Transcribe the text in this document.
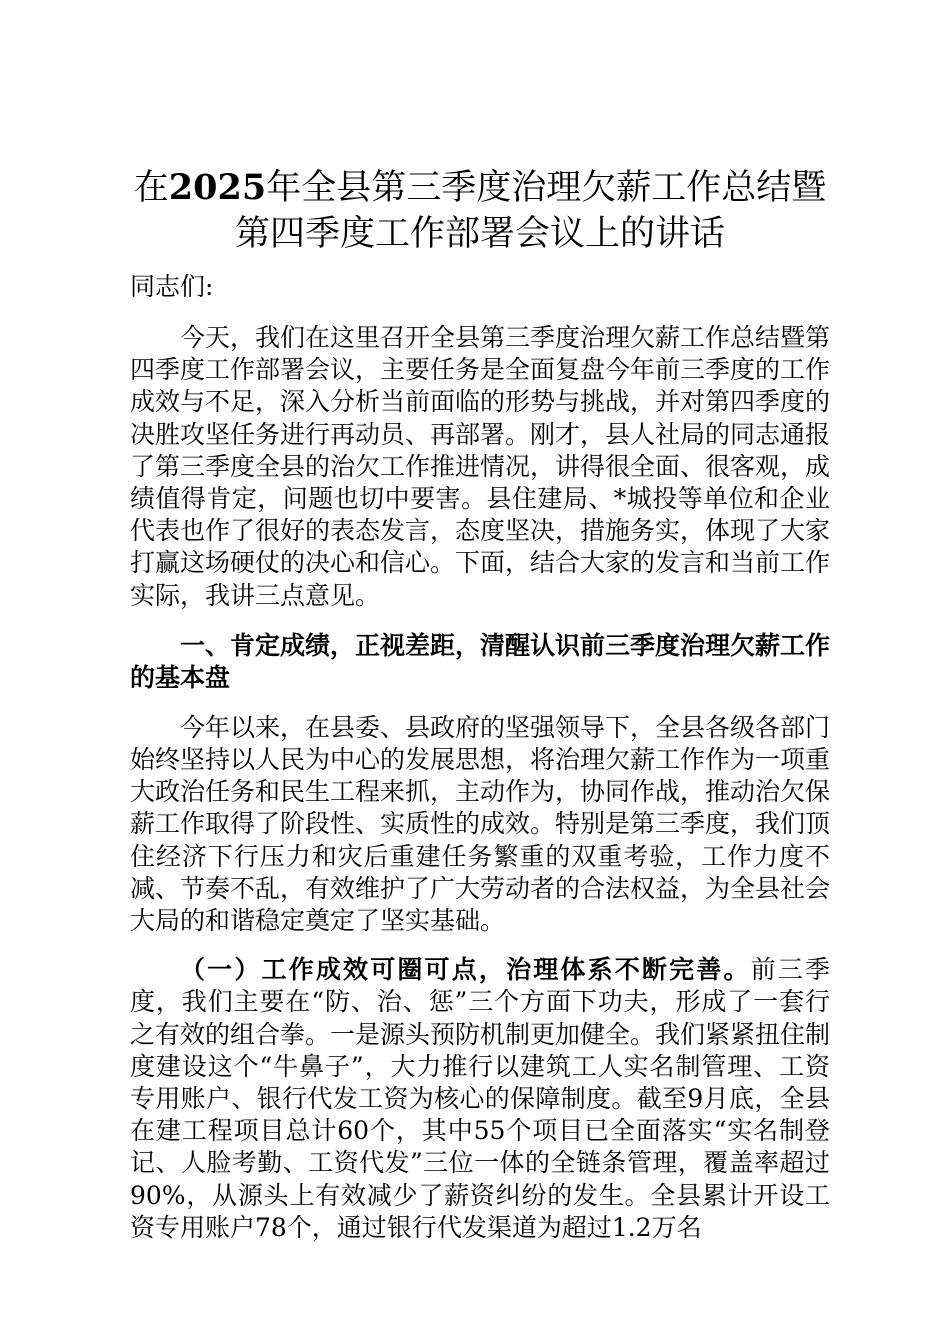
在2025年全县第三季度治理欠薪工作总结暨
第四季度工作部署会议上的讲话

同志们:

今天，我们在这里召开全县第三季度治理欠薪工作总结暨第四季度工作部署会议，主要任务是全面复盘今年前三季度的工作成效与不足，深入分析当前面临的形势与挑战，并对第四季度的决胜攻坚任务进行再动员、再部署。刚才，县人社局的同志通报了第三季度全县的治欠工作推进情况，讲得很全面、很客观，成绩值得肯定，问题也切中要害。县住建局、*城投等单位和企业代表也作了很好的表态发言，态度坚决，措施务实，体现了大家打赢这场硬仗的决心和信心。下面，结合大家的发言和当前工作实际，我讲三点意见。

一、肯定成绩，正视差距，清醒认识前三季度治理欠薪工作的基本盘

今年以来，在县委、县政府的坚强领导下，全县各级各部门始终坚持以人民为中心的发展思想，将治理欠薪工作作为一项重大政治任务和民生工程来抓，主动作为，协同作战，推动治欠保薪工作取得了阶段性、实质性的成效。特别是第三季度，我们顶住经济下行压力和灾后重建任务繁重的双重考验，工作力度不减、节奏不乱，有效维护了广大劳动者的合法权益，为全县社会大局的和谐稳定奠定了坚实基础。

（一）工作成效可圈可点，治理体系不断完善。前三季度，我们主要在“防、治、惩”三个方面下功夫，形成了一套行之有效的组合拳。一是源头预防机制更加健全。我们紧紧扭住制度建设这个“牛鼻子”，大力推行以建筑工人实名制管理、工资专用账户、银行代发工资为核心的保障制度。截至9月底，全县在建工程项目总计60个，其中55个项目已全面落实“实名制登记、人脸考勤、工资代发”三位一体的全链条管理，覆盖率超过90%，从源头上有效减少了薪资纠纷的发生。全县累计开设工资专用账户78个，通过银行代发渠道为超过1.2万名
